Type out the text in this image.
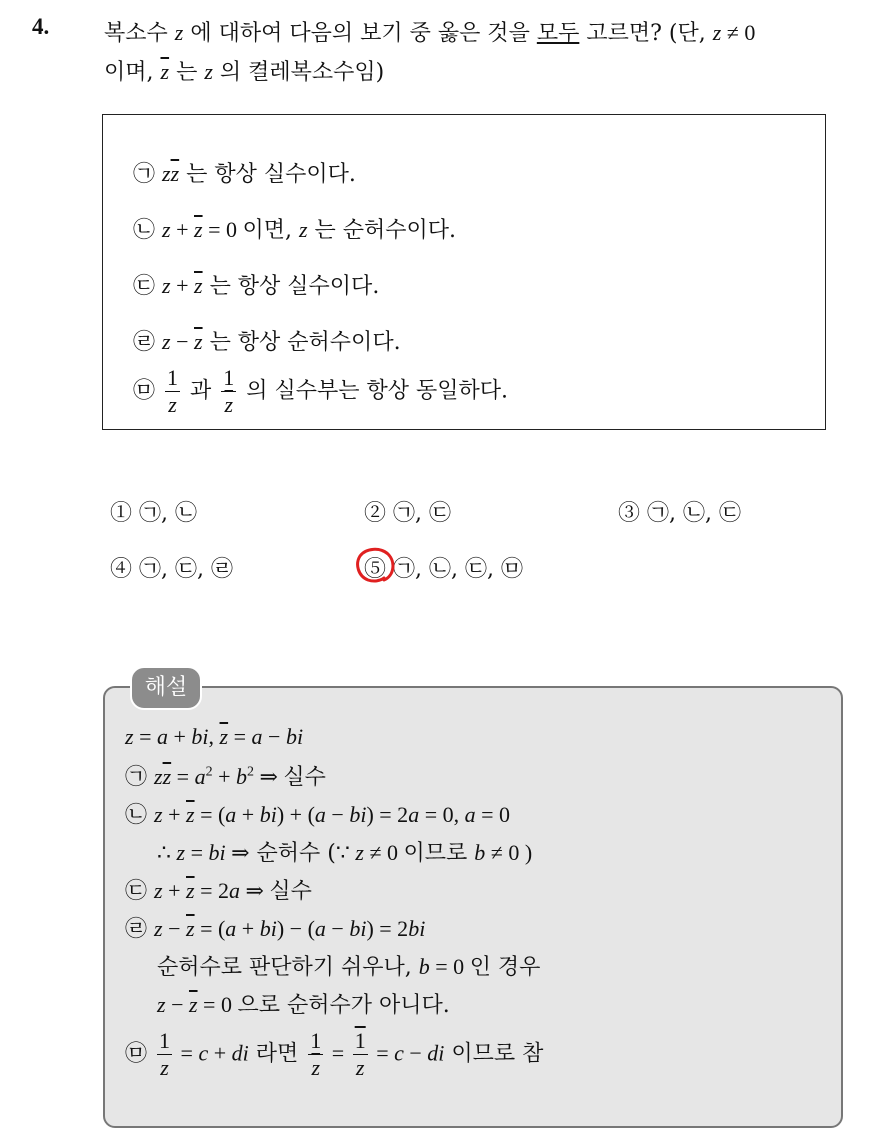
4. 복소수 z 에 대하여 다음의 보기 중 옳은 것을 모두 고르면? (단, z ≠ 0
이며, $\overline{z}$ 는 z 의 켤레복소수임)
㉠ $z\overline{z}$ 는 항상 실수이다.
㉡ $z + \overline{z} = 0$ 이면, z 는 순허수이다.
㉢ $z + \overline{z}$ 는 항상 실수이다.
㉣ $z - \overline{z}$ 는 항상 순허수이다.
㉤ $\frac{1}{z}$ 과 $\frac{1}{z}$ 의 실수부는 항상 동일하다.
① ㉠, ㉡	② ㉠, ㉢	③ ㉠, ㉡, ㉢
④ ㉠, ㉢, ㉣	⑤ ㉠, ㉡, ㉢, ㉤
해설
z = a + bi, $\overline{z} = a$ − bi
㉠ $z\overline{z} = a^2 + b^2$ ⇒ 실수
㉡ $z + \overline{z} = (a + bi) + (a - bi) = 2a = 0$, a = 0
∴ z = bi ⇒ 순허수 (∵ z ≠ 0 이므로 b ≠ 0 )
㉢ $z + \overline{z} = 2a$ ⇒ 실수
㉣ $z - \overline{z} = (a + bi) - (a - bi) = 2bi$
순허수로 판단하기 쉬우나, b = 0 인 경우
$z - \overline{z} = 0$ 으로 순허수가 아니다.
㉤ $\frac{1}{z} = c$ + di 라면 $\frac{1}{z} = \frac{1}{z} = c$ − di 이므로 참
